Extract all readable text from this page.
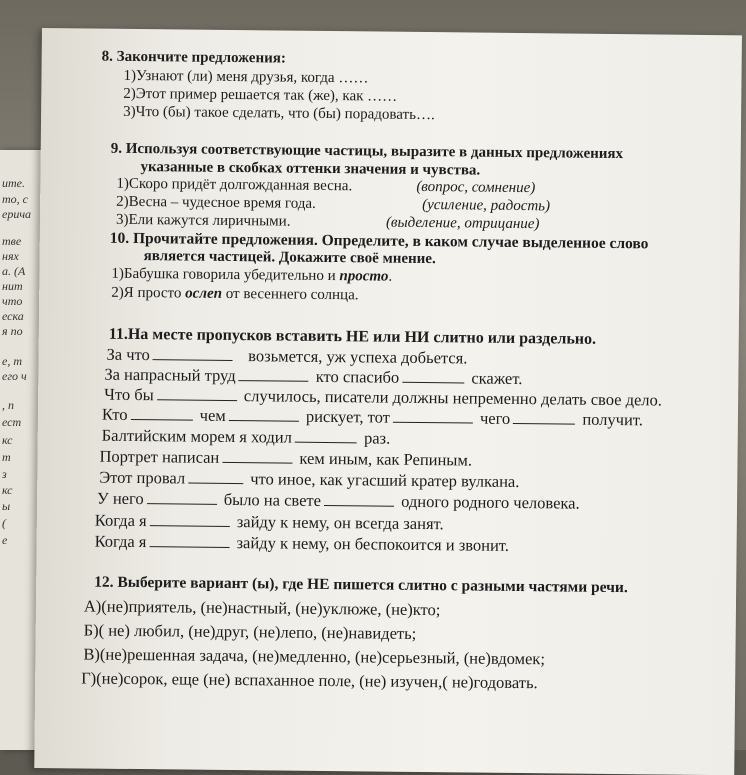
ите.
то, с
ерича
тве
нях
а. (А
нит
что
еска
я по
е, т
его ч
, п
ест
кс
т
з
кс
ы
(
е
8. Закончите предложения:
1)Узнают (ли) меня друзья, когда ……
2)Этот пример решается так (же), как ……
3)Что (бы) такое сделать, что (бы) порадовать….
9. Используя соответствующие частицы, выразите в данных предложениях
указанные в скобках оттенки значения и чувства.
1)Скоро придёт долгожданная весна.	(вопрос, сомнение)
2)Весна – чудесное время года.	(усиление, радость)
3)Ели кажутся лиричными.	(выделение, отрицание)
10. Прочитайте предложения. Определите, в каком случае выделенное слово
является частицей. Докажите своё мнение.
1)Бабушка говорила убедительно и просто.
2)Я просто ослеп от весеннего солнца.
11.На месте пропусков вставить НЕ или НИ слитно или раздельно.
За что	возьмется, уж успеха добьется.
За напрасный труд	кто спасибо	скажет.
Что бы	случилось, писатели должны непременно делать свое дело.
Кто	чем	рискует, тот	чего	получит.
Балтийским морем я ходил	раз.
Портрет написан	кем иным, как Репиным.
Этот провал	что иное, как угасший кратер вулкана.
У него	было на свете	одного родного человека.
Когда я	зайду к нему, он всегда занят.
Когда я	зайду к нему, он беспокоится и звонит.
12. Выберите вариант (ы), где НЕ пишется слитно с разными частями речи.
А)(не)приятель, (не)настный, (не)уклюже, (не)кто;
Б)( не) любил, (не)друг, (не)лепо, (не)навидеть;
В)(не)решенная задача, (не)медленно, (не)серьезный, (не)вдомек;
Г)(не)сорок, еще (не) вспаханное поле, (не) изучен,( не)годовать.
